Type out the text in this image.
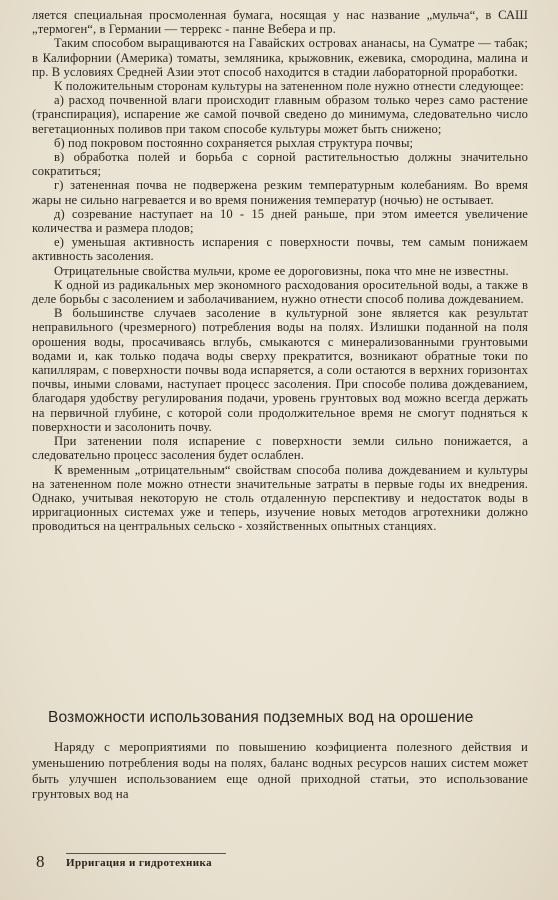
ляется специальная просмоленная бумага, носящая у нас название „мульча“, в САШ „термоген“, в Германии — террекс - панне Вебера и пр.

Таким способом выращиваются на Гавайских островах ананасы, на Суматре — табак; в Калифорнии (Америка) томаты, земляника, крыжовник, ежевика, смородина, малина и пр. В условиях Средней Азии этот способ находится в стадии лабораторной проработки.

К положительным сторонам культуры на затененном поле нужно отнести следующее:

а) расход почвенной влаги происходит главным образом только через само растение (транспирация), испарение же самой почвой сведено до минимума, следовательно число вегетационных поливов при таком способе культуры может быть снижено;

б) под покровом постоянно сохраняется рыхлая структура почвы;

в) обработка полей и борьба с сорной растительностью должны значительно сократиться;

г) затененная почва не подвержена резким температурным колебаниям. Во время жары не сильно нагревается и во время понижения температур (ночью) не остывает.

д) созревание наступает на 10 - 15 дней раньше, при этом имеется увеличение количества и размера плодов;

е) уменьшая активность испарения с поверхности почвы, тем самым понижаем активность засоления.

Отрицательные свойства мульчи, кроме ее дороговизны, пока что мне не известны.

К одной из радикальных мер экономного расходования оросительной воды, а также в деле борьбы с засолением и заболачиванием, нужно отнести способ полива дождеванием.

В большинстве случаев засоление в культурной зоне является как результат неправильного (чрезмерного) потребления воды на полях. Излишки поданной на поля орошения воды, просачиваясь вглубь, смыкаются с минерализованными грунтовыми водами и, как только подача воды сверху прекратится, возникают обратные токи по капиллярам, с поверхности почвы вода испаряется, а соли остаются в верхних горизонтах почвы, иными словами, наступает процесс засоления. При способе полива дождеванием, благодаря удобству регулирования подачи, уровень грунтовых вод можно всегда держать на первичной глубине, с которой соли продолжительное время не смогут подняться к поверхности и засолонить почву.

При затенении поля испарение с поверхности земли сильно понижается, а следовательно процесс засоления будет ослаблен.

К временным „отрицательным“ свойствам способа полива дождеванием и культуры на затененном поле можно отнести значительные затраты в первые годы их внедрения. Однако, учитывая некоторую не столь отдаленную перспективу и недостаток воды в ирригационных системах уже и теперь, изучение новых методов агротехники должно проводиться на центральных сельско - хозяйственных опытных станциях.

Возможности использования подземных вод на орошение

Наряду с мероприятиями по повышению коэфициента полезного действия и уменьшению потребления воды на полях, баланс водных ресурсов наших систем может быть улучшен использованием еще одной приходной статьи, это использование грунтовых вод на

8 Ирригация и гидротехника
